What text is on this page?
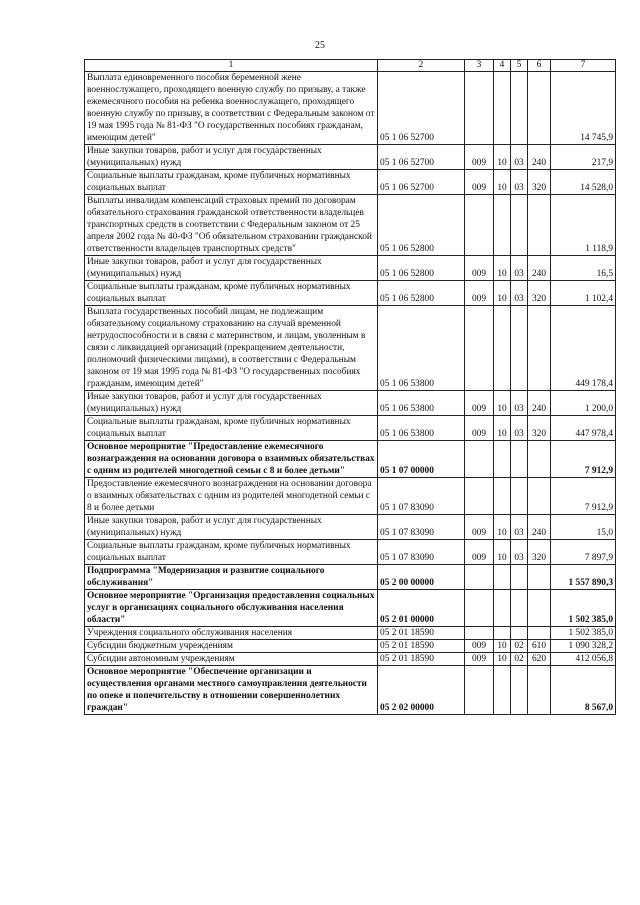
25
1	2	3	4	5	6	7
Выплата единовременного пособия беременной жене военнослужащего, проходящего военную службу по призыву, а также ежемесячного пособия на ребенка военнослужащего, проходящего военную службу по призыву, в соответствии с Федеральным законом от 19 мая 1995 года № 81-ФЗ "О государственных пособиях гражданам, имеющим детей"	05 1 06 52700					14 745,9
Иные закупки товаров, работ и услуг для государственных (муниципальных) нужд	05 1 06 52700	009	10	03	240	217,9
Социальные выплаты гражданам, кроме публичных нормативных социальных выплат	05 1 06 52700	009	10	03	320	14 528,0
Выплаты инвалидам компенсаций страховых премий по договорам обязательного страхования гражданской ответственности владельцев транспортных средств в соответствии с Федеральным законом от 25 апреля 2002 года № 40-ФЗ "Об обязательном страховании гражданской ответственности владельцев транспортных средств"	05 1 06 52800					1 118,9
Иные закупки товаров, работ и услуг для государственных (муниципальных) нужд	05 1 06 52800	009	10	03	240	16,5
Социальные выплаты гражданам, кроме публичных нормативных социальных выплат	05 1 06 52800	009	10	03	320	1 102,4
Выплата государственных пособий лицам, не подлежащим обязательному социальному страхованию на случай временной нетрудоспособности и в связи с материнством, и лицам, уволенным в связи с ликвидацией организаций (прекращением деятельности, полномочий физическими лицами), в соответствии с Федеральным законом от 19 мая 1995 года № 81-ФЗ "О государственных пособиях гражданам, имеющим детей"	05 1 06 53800					449 178,4
Иные закупки товаров, работ и услуг для государственных (муниципальных) нужд	05 1 06 53800	009	10	03	240	1 200,0
Социальные выплаты гражданам, кроме публичных нормативных социальных выплат	05 1 06 53800	009	10	03	320	447 978,4
Основное мероприятие "Предоставление ежемесячного вознаграждения на основании договора о взаимных обязательствах с одним из родителей многодетной семьи с 8 и более детьми"	05 1 07 00000					7 912,9
Предоставление ежемесячного вознаграждения на основании договора о взаимных обязательствах с одним из родителей многодетной семьи с 8 и более детьми	05 1 07 83090					7 912,9
Иные закупки товаров, работ и услуг для государственных (муниципальных) нужд	05 1 07 83090	009	10	03	240	15,0
Социальные выплаты гражданам, кроме публичных нормативных социальных выплат	05 1 07 83090	009	10	03	320	7 897,9
Подпрограмма "Модернизация и развитие социального обслуживания"	05 2 00 00000					1 557 890,3
Основное мероприятие "Организация предоставления социальных услуг в организациях социального обслуживания населения области"	05 2 01 00000					1 502 385,0
Учреждения социального обслуживания населения	05 2 01 18590					1 502 385,0
Субсидии бюджетным учреждениям	05 2 01 18590	009	10	02	610	1 090 328,2
Субсидии автономным учреждениям	05 2 01 18590	009	10	02	620	412 056,8
Основное мероприятие "Обеспечение организации и осуществления органами местного самоуправления деятельности по опеке и попечительству в отношении совершеннолетних граждан"	05 2 02 00000					8 567,0
